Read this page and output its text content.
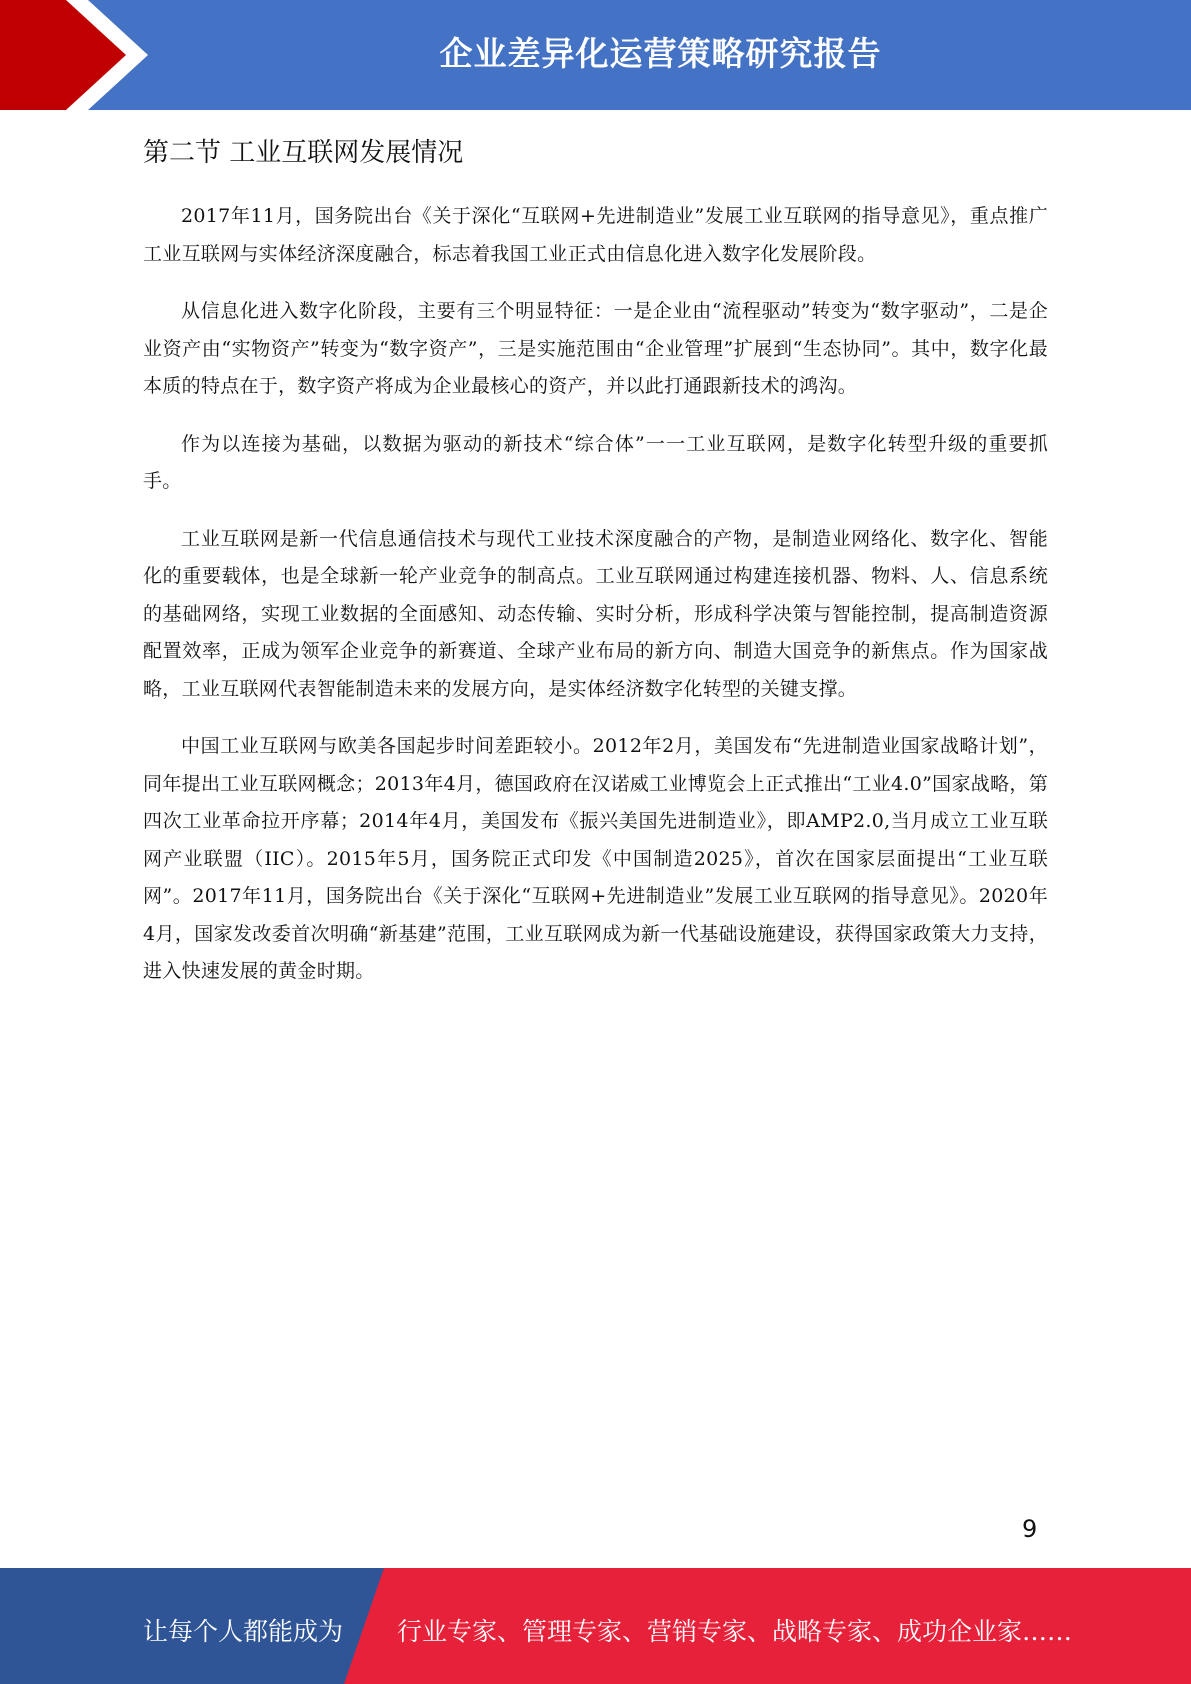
企业差异化运营策略研究报告
第二节 工业互联网发展情况

2017年11月，国务院出台《关于深化“互联网+先进制造业”发展工业互联网的指导意见》，重点推广工业互联网与实体经济深度融合，标志着我国工业正式由信息化进入数字化发展阶段。

从信息化进入数字化阶段，主要有三个明显特征：一是企业由“流程驱动”转变为“数字驱动”，二是企业资产由“实物资产”转变为“数字资产”，三是实施范围由“企业管理”扩展到“生态协同”。其中，数字化最本质的特点在于，数字资产将成为企业最核心的资产，并以此打通跟新技术的鸿沟。

作为以连接为基础，以数据为驱动的新技术“综合体”一一工业互联网，是数字化转型升级的重要抓手。

工业互联网是新一代信息通信技术与现代工业技术深度融合的产物，是制造业网络化、数字化、智能化的重要载体，也是全球新一轮产业竞争的制高点。工业互联网通过构建连接机器、物料、人、信息系统的基础网络，实现工业数据的全面感知、动态传输、实时分析，形成科学决策与智能控制，提高制造资源配置效率，正成为领军企业竞争的新赛道、全球产业布局的新方向、制造大国竞争的新焦点。作为国家战略，工业互联网代表智能制造未来的发展方向，是实体经济数字化转型的关键支撑。

中国工业互联网与欧美各国起步时间差距较小。2012年2月，美国发布“先进制造业国家战略计划”，同年提出工业互联网概念；2013年4月，德国政府在汉诺威工业博览会上正式推出“工业4.0”国家战略，第四次工业革命拉开序幕；2014年4月，美国发布《振兴美国先进制造业》，即AMP2.0,当月成立工业互联网产业联盟（IIC）。2015年5月，国务院正式印发《中国制造2025》，首次在国家层面提出“工业互联网”。2017年11月，国务院出台《关于深化“互联网+先进制造业”发展工业互联网的指导意见》。2020年4月，国家发改委首次明确“新基建”范围，工业互联网成为新一代基础设施建设，获得国家政策大力支持，进入快速发展的黄金时期。

9
让每个人都能成为 行业专家、管理专家、营销专家、战略专家、成功企业家……
